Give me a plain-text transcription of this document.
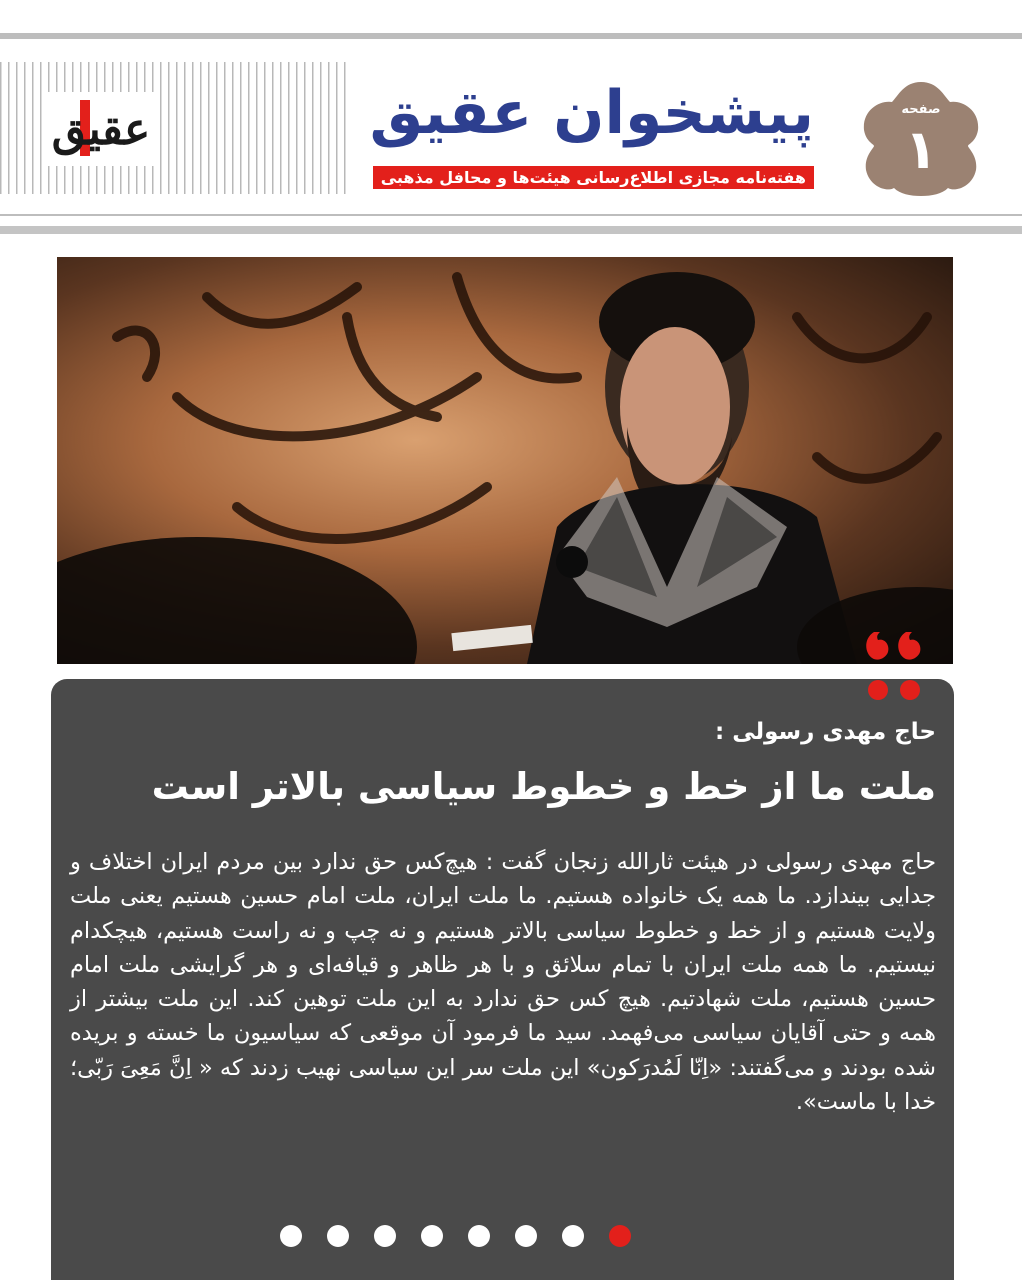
عقیق	پیشخوان عقیق
هفته‌نامه مجازی اطلاع‌رسانی هیئت‌ها و محافل مذهبی
صفحه
۱
حاج مهدی رسولی :
ملت ما از خط و خطوط سیاسی بالاتر است
حاج مهدی رسولی در هیئت ثارالله زنجان گفت : هیچ‌کس حق ندارد بین مردم ایران اختلاف و جدایی بیندازد. ما همه یک خانواده هستیم. ما ملت ایران، ملت امام حسین هستیم یعنی ملت ولایت هستیم و از خط و خطوط سیاسی بالاتر هستیم و نه چپ و نه راست هستیم، هیچکدام نیستیم. ما همه ملت ایران با تمام سلائق و با هر ظاهر و قیافه‌ای و هر گرایشی ملت امام حسین هستیم، ملت شهادتیم. هیچ کس حق ندارد به این ملت توهین کند. این ملت بیشتر از همه و حتی آقایان سیاسی می‌فهمد. سید ما فرمود آن موقعی که سیاسیون ما خسته و بریده شده بودند و می‌گفتند: «اِنّا لَمُدرَکون» این ملت سر این سیاسی نهیب زدند که « اِنَّ مَعِیَ رَبّی؛ خدا با ماست».
